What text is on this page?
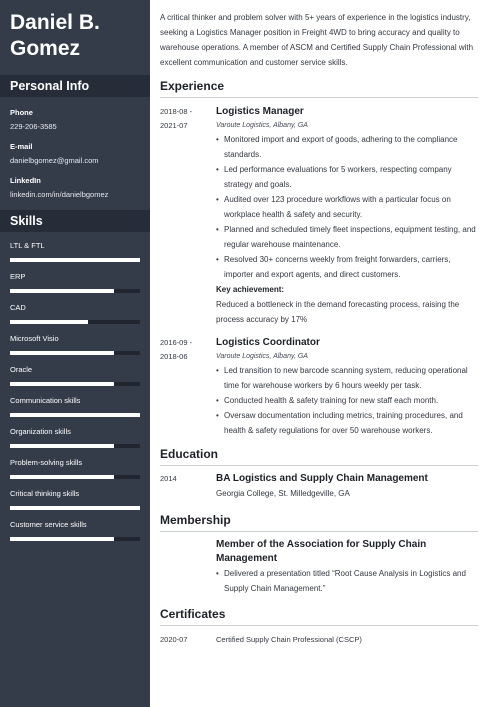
Daniel B.
Gomez
Personal Info
Phone
229-206-3585
E-mail
danielbgomez@gmail.com
LinkedIn
linkedin.com/in/danielbgomez
Skills
LTL & FTL
ERP
CAD
Microsoft Visio
Oracle
Communication skills
Organization skills
Problem-solving skills
Critical thinking skills
Customer service skills

A critical thinker and problem solver with 5+ years of experience in the logistics industry, seeking a Logistics Manager position in Freight 4WD to bring accuracy and quality to warehouse operations. A member of ASCM and Certified Supply Chain Professional with excellent communication and customer service skills.

Experience
2018-08 -
2021-07
Logistics Manager
Varoute Logistics, Albany, GA
• Monitored import and export of goods, adhering to the compliance standards.
• Led performance evaluations for 5 workers, respecting company strategy and goals.
• Audited over 123 procedure workflows with a particular focus on workplace health & safety and security.
• Planned and scheduled timely fleet inspections, equipment testing, and regular warehouse maintenance.
• Resolved 30+ concerns weekly from freight forwarders, carriers, importer and export agents, and direct customers.
Key achievement:
Reduced a bottleneck in the demand forecasting process, raising the process accuracy by 17%
2016-09 -
2018-06
Logistics Coordinator
Varoute Logistics, Albany, GA
• Led transition to new barcode scanning system, reducing operational time for warehouse workers by 6 hours weekly per task.
• Conducted health & safety training for new staff each month.
• Oversaw documentation including metrics, training procedures, and health & safety regulations for over 50 warehouse workers.
Education
2014	BA Logistics and Supply Chain Management
Georgia College, St. Milledgeville, GA
Membership
Member of the Association for Supply Chain Management
• Delivered a presentation titled “Root Cause Analysis in Logistics and Supply Chain Management.”
Certificates
2020-07	Certified Supply Chain Professional (CSCP)
